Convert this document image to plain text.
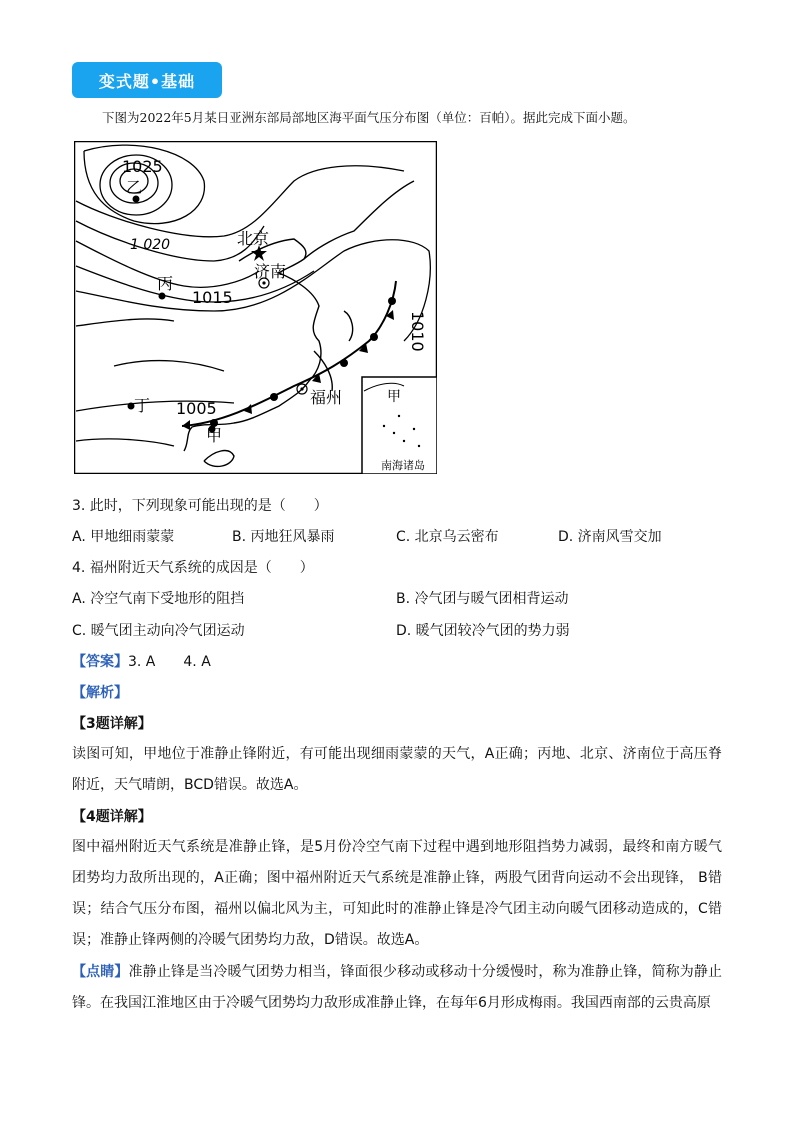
变式题•基础
下图为2022年5月某日亚洲东部局部地区海平面气压分布图（单位：百帕）。据此完成下面小题。
1025
乙
1 020	北京
济南
丙
1015
1010
丁 1005
甲
福州	甲
南海诸岛
3. 此时，下列现象可能出现的是（　　）
A. 甲地细雨蒙蒙	B. 丙地狂风暴雨	C. 北京乌云密布	D. 济南风雪交加
4. 福州附近天气系统的成因是（　　）
A. 冷空气南下受地形的阻挡	B. 冷气团与暖气团相背运动
C. 暖气团主动向冷气团运动	D. 暖气团较冷气团的势力弱
【答案】3. A　　4. A
【解析】
【3题详解】
读图可知，甲地位于准静止锋附近，有可能出现细雨蒙蒙的天气，A正确；丙地、北京、济南位于高压脊附近，天气晴朗，BCD错误。故选A。
【4题详解】
图中福州附近天气系统是准静止锋，是5月份冷空气南下过程中遇到地形阻挡势力减弱，最终和南方暖气团势均力敌所出现的，A正确；图中福州附近天气系统是准静止锋，两股气团背向运动不会出现锋， B错误；结合气压分布图，福州以偏北风为主，可知此时的准静止锋是冷气团主动向暖气团移动造成的，C错误；准静止锋两侧的冷暖气团势均力敌，D错误。故选A。
【点睛】准静止锋是当冷暖气团势力相当，锋面很少移动或移动十分缓慢时，称为准静止锋，简称为静止锋。在我国江淮地区由于冷暖气团势均力敌形成准静止锋，在每年6月形成梅雨。我国西南部的云贵高原
